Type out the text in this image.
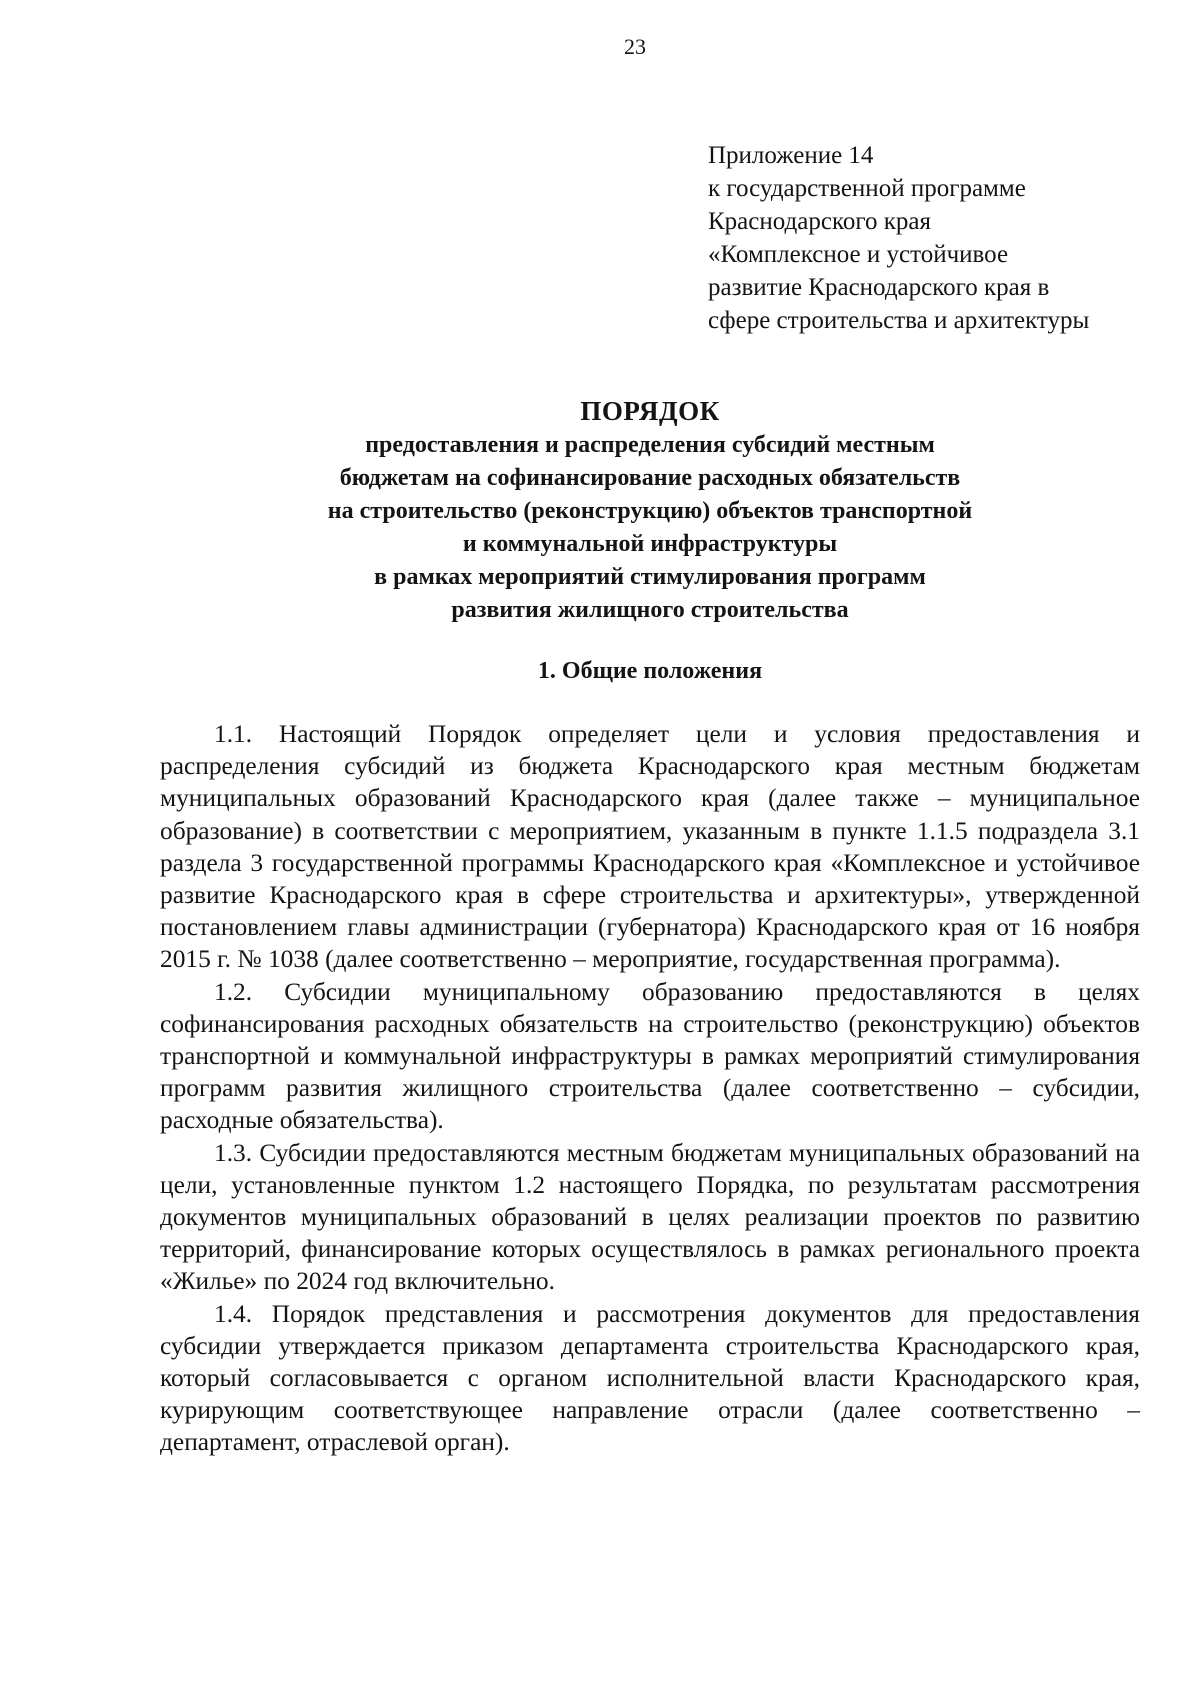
23
Приложение 14
к государственной программе
Краснодарского края
«Комплексное и устойчивое
развитие Краснодарского края в
сфере строительства и архитектуры
ПОРЯДОК
предоставления и распределения субсидий местным
бюджетам на софинансирование расходных обязательств
на строительство (реконструкцию) объектов транспортной
и коммунальной инфраструктуры
в рамках мероприятий стимулирования программ
развития жилищного строительства
1. Общие положения

1.1. Настоящий Порядок определяет цели и условия предоставления и распределения субсидий из бюджета Краснодарского края местным бюджетам муниципальных образований Краснодарского края (далее также – муниципальное образование) в соответствии с мероприятием, указанным в пункте 1.1.5 подраздела 3.1 раздела 3 государственной программы Краснодарского края «Комплексное и устойчивое развитие Краснодарского края в сфере строительства и архитектуры», утвержденной постановлением главы администрации (губернатора) Краснодарского края от 16 ноября 2015 г. № 1038 (далее соответственно – мероприятие, государственная программа).

1.2. Субсидии муниципальному образованию предоставляются в целях софинансирования расходных обязательств на строительство (реконструкцию) объектов транспортной и коммунальной инфраструктуры в рамках мероприятий стимулирования программ развития жилищного строительства (далее соответственно – субсидии, расходные обязательства).

1.3. Субсидии предоставляются местным бюджетам муниципальных образований на цели, установленные пунктом 1.2 настоящего Порядка, по результатам рассмотрения документов муниципальных образований в целях реализации проектов по развитию территорий, финансирование которых осуществлялось в рамках регионального проекта «Жилье» по 2024 год включительно.

1.4. Порядок представления и рассмотрения документов для предоставления субсидии утверждается приказом департамента строительства Краснодарского края, который согласовывается с органом исполнительной власти Краснодарского края, курирующим соответствующее направление отрасли (далее соответственно – департамент, отраслевой орган).
